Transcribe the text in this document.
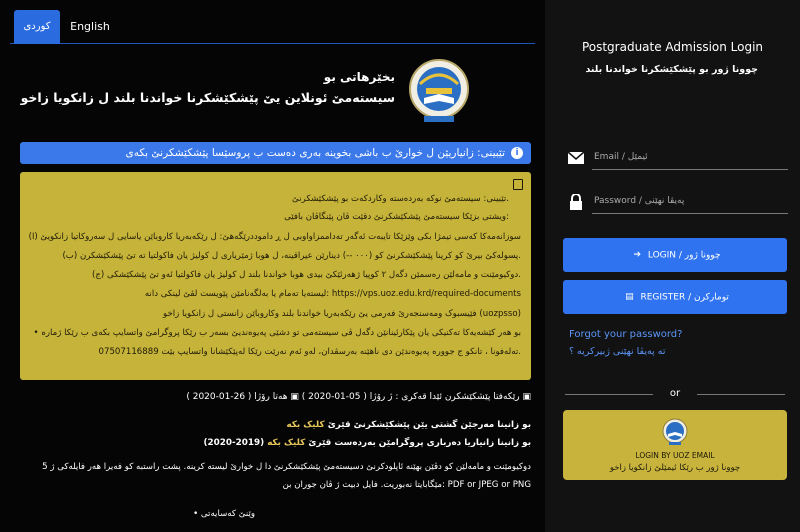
کوردی	English
بخێرهاتی بو
سیستەمێ ئونلاین یێ پێشکێشکرنا خواندنا بلند ل زانکویا زاخو
تێبینی: زانیاریێن ل خوارێ ب باشی بخوینە بەری دەست ب پروسێسا پێشکێشکرنێ بکەی	i
تێبینی: سیستەمێ نوکە بەردەستە وکاردکەت بو پێشکێشکرنێ.
ویشتی بزێکا سیستەمێ پێشکێشکرنێ دقێت ڤان پێنگاڤان بافێی:
(ا) سوزانەمەکا کەسی تیمژا بکی وێزێکا تایبەت ئەگەر تەداممزاواوبی ل ڕ داموددرێگەهێ: ل رێکەبەریا کاروباێن یاسایی ل سەروکاتیا زانکویێ
(ب) پسولەکێ بیرێ کو کرینا پێشکێشکرنێ کو (۰۰۰ --) دینارێن عیراقینە، ل هوبا ژمێریاری ل کولیژ یان فاکولتیا تە تێ پێشکێشکرن.
(ج) دوکیومێنت و مامەلێن رەسمێن دگەل ۲ کوپیا ژهەرئێکێ بیدی هوبا خواندنا بلند ل کولیژ یان فاکولتیا ئەو تێ پێشکێشکی.
لیستەیا تەمام یا بەلگەنامێن پێویست لڤێ لینکی دانە: https://vps.uoz.edu.krd/required-documents
فێیسبوک ومەسنجەرێ فەرمی یێ رێکەبەریا خواندنا بلند وکاروباێن زانستی ل زانکویا زاخو (uozpsso)
• بو هەر کێشەیەکا تەکنیکی یان پێکارئینانێن دگەل ڤی سیستەمی تو دشێی پەیوەندیێ بسەر ب رێکا پروگرامێ واتسایپ بکەی ب رێکا ژمارە
07507116889 تەلەفونا ، تانکو ج جووره پەیوەندێن دی ناهێنە بەرسڤدان، لەو ئەم نەرێت رێکا لەپێکێشانا واتسایپ بێت.
رێکەفتا پێشکێشکرن ئێدا قەکری : ژ رۆژا ( 05-01-2020 ) ▣ هەتا رۆژا ( 26-01-2020 )	▣
بو زانینا مەرجێن گشتی یێن پێشکێشکرنێ قێرێ کلیک بکە
(2020-2019)	بو زانینا زانیاریا دەرباری پروگرامێن بەردەست قێرێ کلیک بکە
دوکیومێنت و مامەلێن کو دڤێن بهێنە ئاپلودکرنێ دسیستەمێ پێشکێشکرنێ دا ل خوارێ لیستە کرینە. پشت راستبە کو فەیرا هەر فایلەکی ژ 5
مێگابایتا نەبوریت. فایل دبیت ژ ڤان جوران بن: PDF or JPEG or PNG
• وێنێ کەسایەتی
Postgraduate Admission Login
چوونا ژور بو پێشکێشکرنا خواندنا بلند
Email / ئیمێل
➔ LOGIN / چوونا ژور
▤ REGISTER / تومارکرن
Forgot your password?
تە پەیڤا نهێنی ژبیرکریە ؟
or
LOGIN BY UOZ EMAIL
چوونا ژور ب رێکا ئیمێلێ زانکویا زاخو
